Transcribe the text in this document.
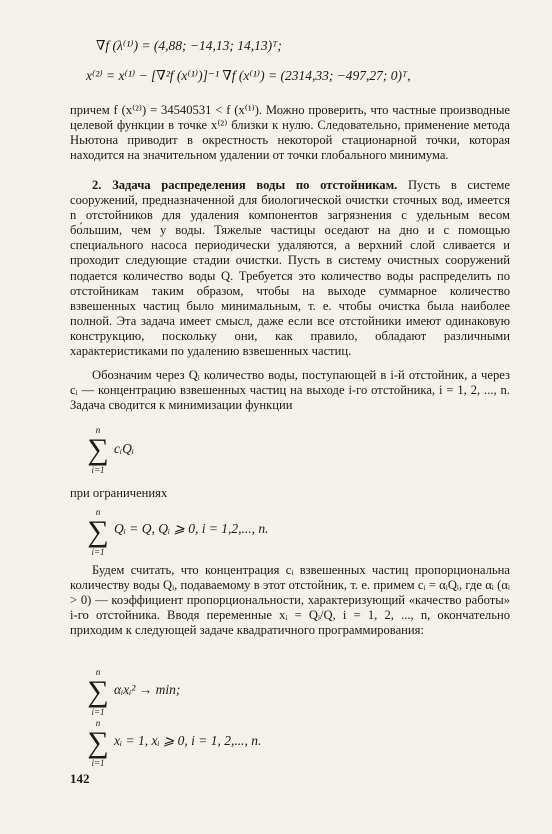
∇f (λ⁽¹⁾) = (4,88; −14,13; 14,13)ᵀ;
x⁽²⁾ = x⁽¹⁾ − [∇²f (x⁽¹⁾)]⁻¹ ∇f (x⁽¹⁾) = (2314,33; −497,27; 0)ᵀ,
причем f (x⁽²⁾) = 34540531 < f (x⁽¹⁾). Можно проверить, что частные производные целевой функции в точке x⁽²⁾ близки к нулю. Следовательно, применение метода Ньютона приводит в окрестность некоторой стационарной точки, которая находится на значительном удалении от точки глобального минимума.
2. Задача распределения воды по отстойникам. Пусть в системе сооружений, предназначенной для биологической очистки сточных вод, имеется n отстойников для удаления компонентов загрязнения с удельным весом бо́льшим, чем у воды. Тяжелые частицы оседают на дно и с помощью специального насоса периодически удаляются, а верхний слой сливается и проходит следующие стадии очистки. Пусть в систему очистных сооружений подается количество воды Q. Требуется это количество воды распределить по отстойникам таким образом, чтобы на выходе суммарное количество взвешенных частиц было минимальным, т. е. чтобы очистка была наиболее полной. Эта задача имеет смысл, даже если все отстойники имеют одинаковую конструкцию, поскольку они, как правило, обладают различными характеристиками по удалению взвешенных частиц.
Обозначим через Qᵢ количество воды, поступающей в i-й отстойник, а через cᵢ — концентрацию взвешенных частиц на выходе i-го отстойника, i = 1, 2, ..., n. Задача сводится к минимизации функции
n
∑
i=1
cᵢQᵢ
при ограничениях
n
∑
i=1
Qᵢ = Q, Qᵢ ⩾ 0, i = 1,2,..., n.
Будем считать, что концентрация cᵢ взвешенных частиц пропорциональна количеству воды Qᵢ, подаваемому в этот отстойник, т. е. примем cᵢ = αᵢQᵢ, где αᵢ (αᵢ > 0) — коэффициент пропорциональности, характеризующий «качество работы» i-го отстойника. Вводя переменные xᵢ = Qᵢ/Q, i = 1, 2, ..., n, окончательно приходим к следующей задаче квадратичного программирования:
n
∑
i=1
αᵢxᵢ² → min;
n
∑
i=1
xᵢ = 1, xᵢ ⩾ 0, i = 1, 2,..., n.
142
